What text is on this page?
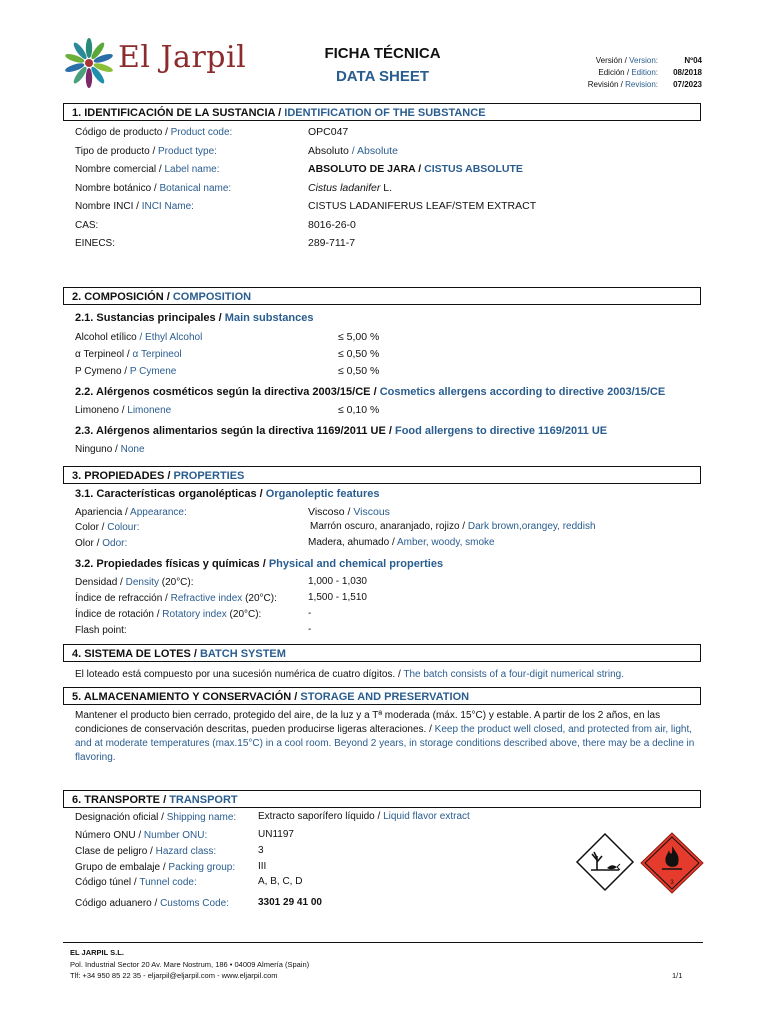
El Jarpil	FICHA TÉCNICA
DATA SHEET
Versión / Version:	Nº04
Edición / Edition:	08/2018
Revisión / Revision:	07/2023
1. IDENTIFICACIÓN DE LA SUSTANCIA / IDENTIFICATION OF THE SUBSTANCE
Código de producto / Product code:	OPC047
Tipo de producto / Product type:	Absoluto / Absolute
Nombre comercial / Label name:	ABSOLUTO DE JARA / CISTUS ABSOLUTE
Nombre botánico / Botanical name:	Cistus ladanifer L.
Nombre INCI / INCI Name:	CISTUS LADANIFERUS LEAF/STEM EXTRACT
CAS:	8016-26-0
EINECS:	289-711-7
2. COMPOSICIÓN / COMPOSITION
2.1. Sustancias principales / Main substances
Alcohol etílico / Ethyl Alcohol	≤ 5,00 %
α Terpineol / α Terpineol	≤ 0,50 %
P Cymeno / P Cymene	≤ 0,50 %
2.2. Alérgenos cosméticos según la directiva 2003/15/CE / Cosmetics allergens according to directive 2003/15/CE
Limoneno / Limonene	≤ 0,10 %
2.3. Alérgenos alimentarios según la directiva 1169/2011 UE / Food allergens to directive 1169/2011 UE
Ninguno / None
3. PROPIEDADES / PROPERTIES
3.1. Características organolépticas / Organoleptic features
Apariencia / Appearance:	Viscoso / Viscous
Color / Colour:	Marrón oscuro, anaranjado, rojizo / Dark brown,orangey, reddish
Olor / Odor:	Madera, ahumado / Amber, woody, smoke
3.2. Propiedades físicas y químicas / Physical and chemical properties
Densidad / Density (20°C):	1,000 - 1,030
Índice de refracción / Refractive index (20°C):	1,500 - 1,510
Índice de rotación / Rotatory index (20°C):	-
Flash point:	-
4. SISTEMA DE LOTES / BATCH SYSTEM
El loteado está compuesto por una sucesión numérica de cuatro dígitos. / The batch consists of a four-digit numerical string.
5. ALMACENAMIENTO Y CONSERVACIÓN / STORAGE AND PRESERVATION
Mantener el producto bien cerrado, protegido del aire, de la luz y a Tª moderada (máx. 15°C) y estable. A partir de los 2 años, en las condiciones de conservación descritas, pueden producirse ligeras alteraciones. / Keep the product well closed, and protected from air, light, and at moderate temperatures (max.15°C) in a cool room. Beyond 2 years, in storage conditions described above, there may be a decline in flavoring.
6. TRANSPORTE / TRANSPORT
Designación oficial / Shipping name: Extracto saporífero líquido / Liquid flavor extract
Número ONU / Number ONU:	UN1197
Clase de peligro / Hazard class:	3
Grupo de embalaje / Packing group: III
Código túnel / Tunnel code:	A, B, C, D
Código aduanero / Customs Code:	3301 29 41 00
3
EL JARPIL S.L.
Pol. Industrial Sector 20 Av. Mare Nostrum, 186 • 04009 Almería (Spain)
Tlf: +34 950 85 22 35 - eljarpil@eljarpil.com - www.eljarpil.com	1/1
